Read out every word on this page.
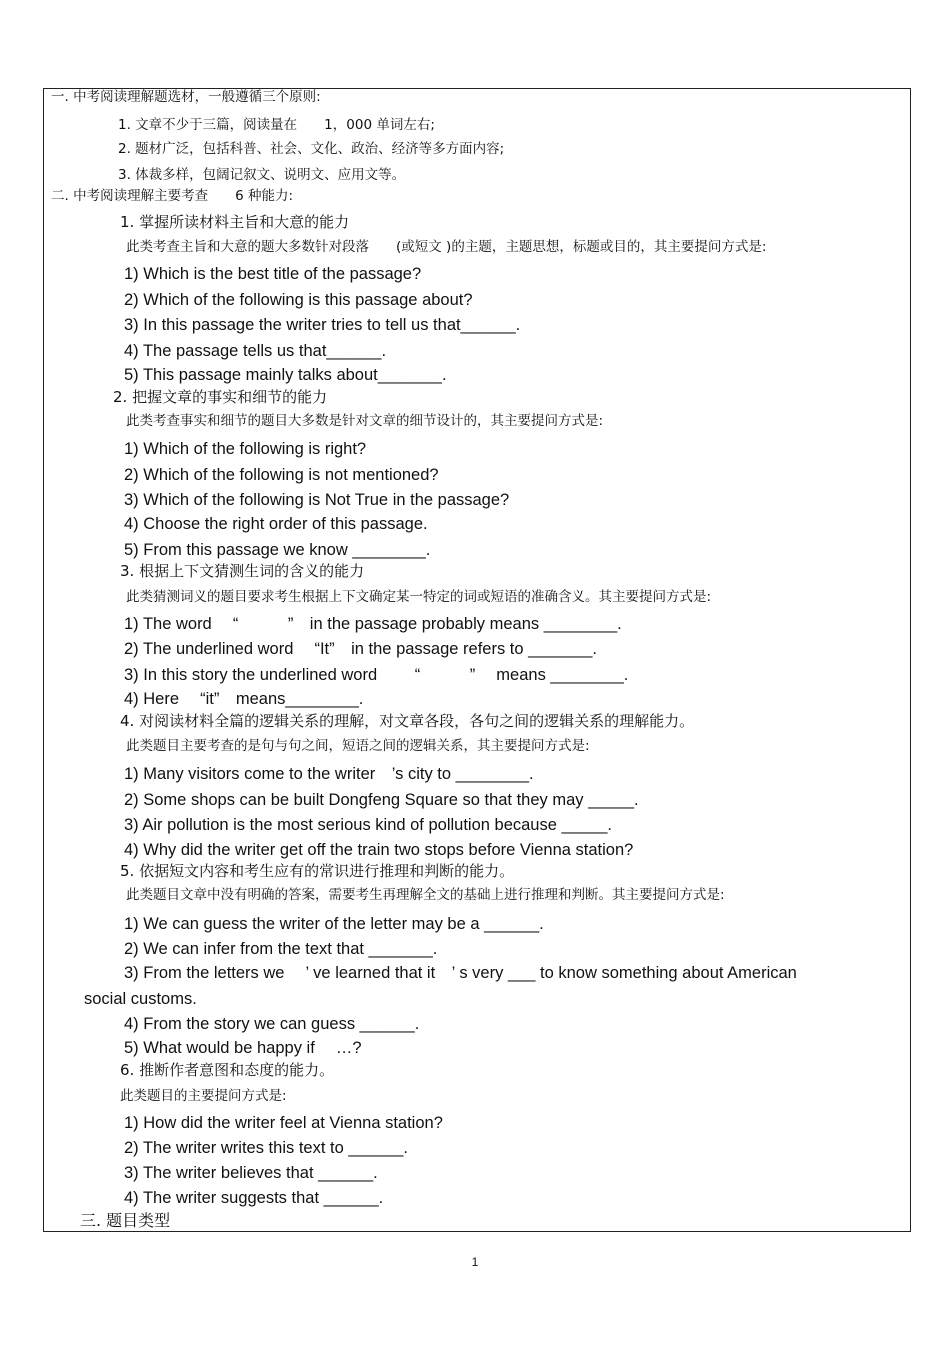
一. 中考阅读理解题选材，一般遵循三个原则:
1. 文章不少于三篇，阅读量在　　1，000 单词左右;
2. 题材广泛，包括科普、社会、文化、政治、经济等多方面内容;
3. 体裁多样，包阔记叙文、说明文、应用文等。
二. 中考阅读理解主要考查　　6 种能力:
1. 掌握所读材料主旨和大意的能力
此类考查主旨和大意的题大多数针对段落　　(或短文 )的主题，主题思想，标题或目的，其主要提问方式是:
1) Which is the best title of the passage?
2) Which of the following is this passage about?
3) In this passage the writer tries to tell us that______.
4) The passage tells us that______.
5) This passage mainly talks about_______.
2. 把握文章的事实和细节的能力
此类考查事实和细节的题目大多数是针对文章的细节设计的，其主要提问方式是:
1) Which of the following is right?
2) Which of the following is not mentioned?
3) Which of the following is Not True in the passage?
4) Choose the right order of this passage.
5) From this passage we know ________.
3. 根据上下文猜测生词的含义的能力
此类猜测词义的题目要求考生根据上下文确定某一特定的词或短语的准确含义。其主要提问方式是:
1) The word　 “　　　”　in the passage probably means ________.
2) The underlined word　 “It”　in the passage refers to _______.
3) In this story the underlined word　　 “　　　”　 means ________.
4) Here　 “it”　means________.
4. 对阅读材料全篇的逻辑关系的理解，对文章各段，各句之间的逻辑关系的理解能力。
此类题目主要考查的是句与句之间，短语之间的逻辑关系，其主要提问方式是:
1) Many visitors come to the writer　’s city to ________.
2) Some shops can be built Dongfeng Square so that they may _____.
3) Air pollution is the most serious kind of pollution because _____.
4) Why did the writer get off the train two stops before Vienna station?
5. 依据短文内容和考生应有的常识进行推理和判断的能力。
此类题目文章中没有明确的答案，需要考生再理解全文的基础上进行推理和判断。其主要提问方式是:
1) We can guess the writer of the letter may be a ______.
2) We can infer from the text that _______.
3) From the letters we　 ’ ve learned that it　’ s very ___ to know something about American
social customs.
4) From the story we can guess ______.
5) What would be happy if　 …?
6. 推断作者意图和态度的能力。
此类题目的主要提问方式是:
1) How did the writer feel at Vienna station?
2) The writer writes this text to ______.
3) The writer believes that ______.
4) The writer suggests that ______.
三. 题目类型
1
